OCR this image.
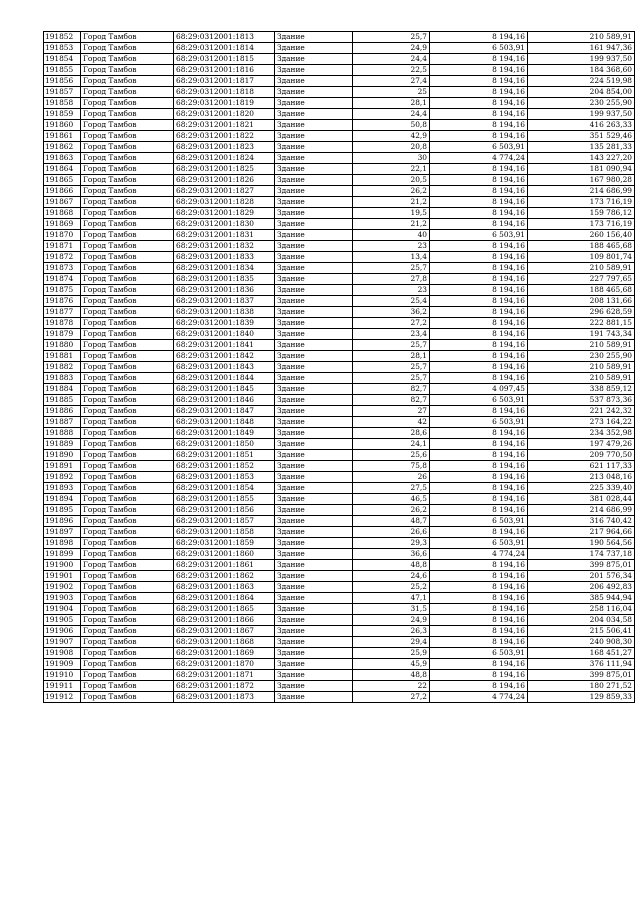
191852	Город Тамбов	68:29:0312001:1813	Здание	25,7	8 194,16	210 589,91
191853	Город Тамбов	68:29:0312001:1814	Здание	24,9	6 503,91	161 947,36
191854	Город Тамбов	68:29:0312001:1815	Здание	24,4	8 194,16	199 937,50
191855	Город Тамбов	68:29:0312001:1816	Здание	22,5	8 194,16	184 368,60
191856	Город Тамбов	68:29:0312001:1817	Здание	27,4	8 194,16	224 519,98
191857	Город Тамбов	68:29:0312001:1818	Здание	25	8 194,16	204 854,00
191858	Город Тамбов	68:29:0312001:1819	Здание	28,1	8 194,16	230 255,90
191859	Город Тамбов	68:29:0312001:1820	Здание	24,4	8 194,16	199 937,50
191860	Город Тамбов	68:29:0312001:1821	Здание	50,8	8 194,16	416 263,33
191861	Город Тамбов	68:29:0312001:1822	Здание	42,9	8 194,16	351 529,46
191862	Город Тамбов	68:29:0312001:1823	Здание	20,8	6 503,91	135 281,33
191863	Город Тамбов	68:29:0312001:1824	Здание	30	4 774,24	143 227,20
191864	Город Тамбов	68:29:0312001:1825	Здание	22,1	8 194,16	181 090,94
191865	Город Тамбов	68:29:0312001:1826	Здание	20,5	8 194,16	167 980,28
191866	Город Тамбов	68:29:0312001:1827	Здание	26,2	8 194,16	214 686,99
191867	Город Тамбов	68:29:0312001:1828	Здание	21,2	8 194,16	173 716,19
191868	Город Тамбов	68:29:0312001:1829	Здание	19,5	8 194,16	159 786,12
191869	Город Тамбов	68:29:0312001:1830	Здание	21,2	8 194,16	173 716,19
191870	Город Тамбов	68:29:0312001:1831	Здание	40	6 503,91	260 156,40
191871	Город Тамбов	68:29:0312001:1832	Здание	23	8 194,16	188 465,68
191872	Город Тамбов	68:29:0312001:1833	Здание	13,4	8 194,16	109 801,74
191873	Город Тамбов	68:29:0312001:1834	Здание	25,7	8 194,16	210 589,91
191874	Город Тамбов	68:29:0312001:1835	Здание	27,8	8 194,16	227 797,65
191875	Город Тамбов	68:29:0312001:1836	Здание	23	8 194,16	188 465,68
191876	Город Тамбов	68:29:0312001:1837	Здание	25,4	8 194,16	208 131,66
191877	Город Тамбов	68:29:0312001:1838	Здание	36,2	8 194,16	296 628,59
191878	Город Тамбов	68:29:0312001:1839	Здание	27,2	8 194,16	222 881,15
191879	Город Тамбов	68:29:0312001:1840	Здание	23,4	8 194,16	191 743,34
191880	Город Тамбов	68:29:0312001:1841	Здание	25,7	8 194,16	210 589,91
191881	Город Тамбов	68:29:0312001:1842	Здание	28,1	8 194,16	230 255,90
191882	Город Тамбов	68:29:0312001:1843	Здание	25,7	8 194,16	210 589,91
191883	Город Тамбов	68:29:0312001:1844	Здание	25,7	8 194,16	210 589,91
191884	Город Тамбов	68:29:0312001:1845	Здание	82,7	4 097,45	338 859,12
191885	Город Тамбов	68:29:0312001:1846	Здание	82,7	6 503,91	537 873,36
191886	Город Тамбов	68:29:0312001:1847	Здание	27	8 194,16	221 242,32
191887	Город Тамбов	68:29:0312001:1848	Здание	42	6 503,91	273 164,22
191888	Город Тамбов	68:29:0312001:1849	Здание	28,6	8 194,16	234 352,98
191889	Город Тамбов	68:29:0312001:1850	Здание	24,1	8 194,16	197 479,26
191890	Город Тамбов	68:29:0312001:1851	Здание	25,6	8 194,16	209 770,50
191891	Город Тамбов	68:29:0312001:1852	Здание	75,8	8 194,16	621 117,33
191892	Город Тамбов	68:29:0312001:1853	Здание	26	8 194,16	213 048,16
191893	Город Тамбов	68:29:0312001:1854	Здание	27,5	8 194,16	225 339,40
191894	Город Тамбов	68:29:0312001:1855	Здание	46,5	8 194,16	381 028,44
191895	Город Тамбов	68:29:0312001:1856	Здание	26,2	8 194,16	214 686,99
191896	Город Тамбов	68:29:0312001:1857	Здание	48,7	6 503,91	316 740,42
191897	Город Тамбов	68:29:0312001:1858	Здание	26,6	8 194,16	217 964,66
191898	Город Тамбов	68:29:0312001:1859	Здание	29,3	6 503,91	190 564,56
191899	Город Тамбов	68:29:0312001:1860	Здание	36,6	4 774,24	174 737,18
191900	Город Тамбов	68:29:0312001:1861	Здание	48,8	8 194,16	399 875,01
191901	Город Тамбов	68:29:0312001:1862	Здание	24,6	8 194,16	201 576,34
191902	Город Тамбов	68:29:0312001:1863	Здание	25,2	8 194,16	206 492,83
191903	Город Тамбов	68:29:0312001:1864	Здание	47,1	8 194,16	385 944,94
191904	Город Тамбов	68:29:0312001:1865	Здание	31,5	8 194,16	258 116,04
191905	Город Тамбов	68:29:0312001:1866	Здание	24,9	8 194,16	204 034,58
191906	Город Тамбов	68:29:0312001:1867	Здание	26,3	8 194,16	215 506,41
191907	Город Тамбов	68:29:0312001:1868	Здание	29,4	8 194,16	240 908,30
191908	Город Тамбов	68:29:0312001:1869	Здание	25,9	6 503,91	168 451,27
191909	Город Тамбов	68:29:0312001:1870	Здание	45,9	8 194,16	376 111,94
191910	Город Тамбов	68:29:0312001:1871	Здание	48,8	8 194,16	399 875,01
191911	Город Тамбов	68:29:0312001:1872	Здание	22	8 194,16	180 271,52
191912	Город Тамбов	68:29:0312001:1873	Здание	27,2	4 774,24	129 859,33
